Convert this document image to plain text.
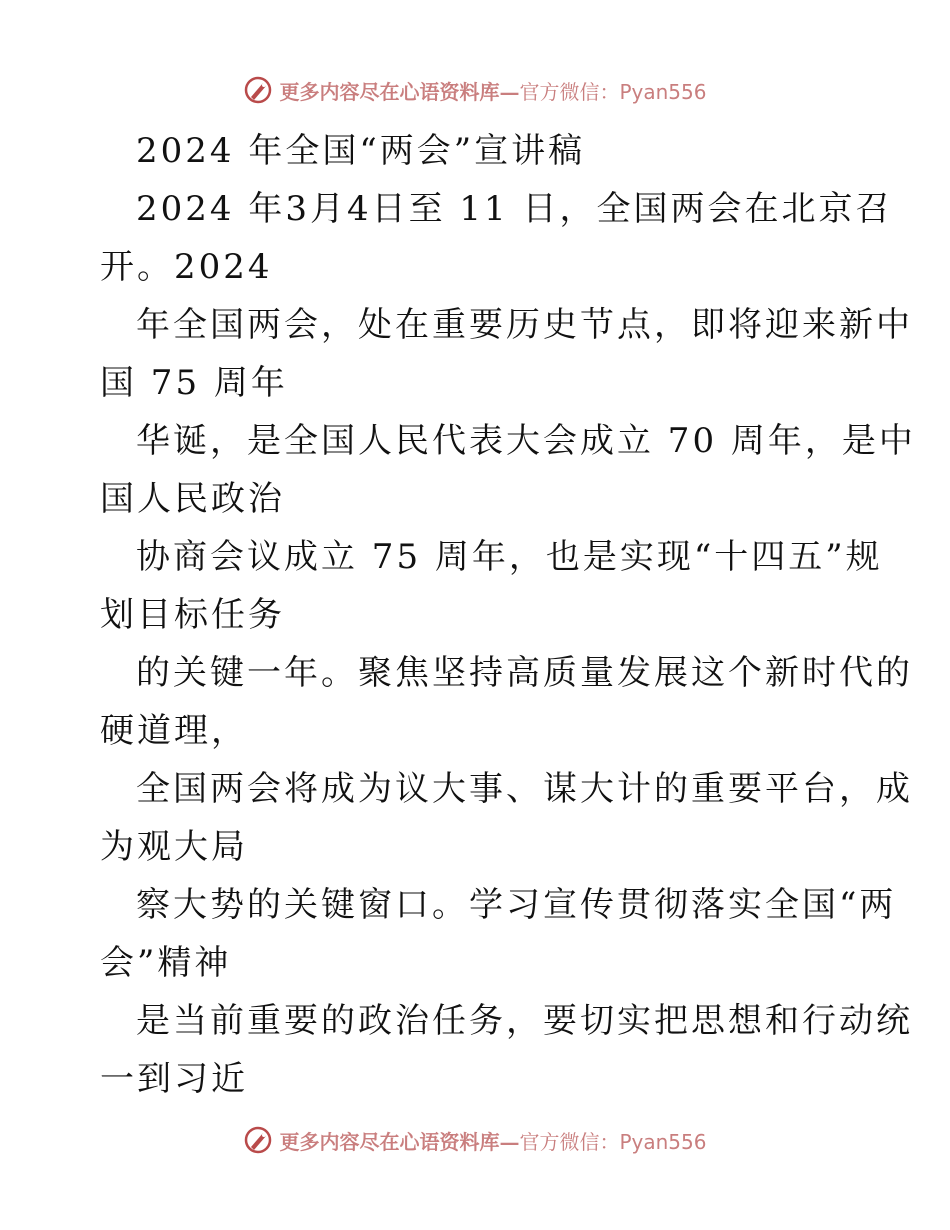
更多内容尽在心语资料库— 官方微信：Pyan556
2024 年全国“两会”宣讲稿
2024 年3月4日至 11 日，全国两会在北京召
开。2024
年全国两会，处在重要历史节点，即将迎来新中
国 75 周年
华诞，是全国人民代表大会成立 70 周年，是中
国人民政治
协商会议成立 75 周年，也是实现“十四五”规
划目标任务
的关键一年。聚焦坚持高质量发展这个新时代的
硬道理，
全国两会将成为议大事、谋大计的重要平台，成
为观大局
察大势的关键窗口。学习宣传贯彻落实全国“两
会”精神
是当前重要的政治任务，要切实把思想和行动统
一到习近
更多内容尽在心语资料库— 官方微信：Pyan556
